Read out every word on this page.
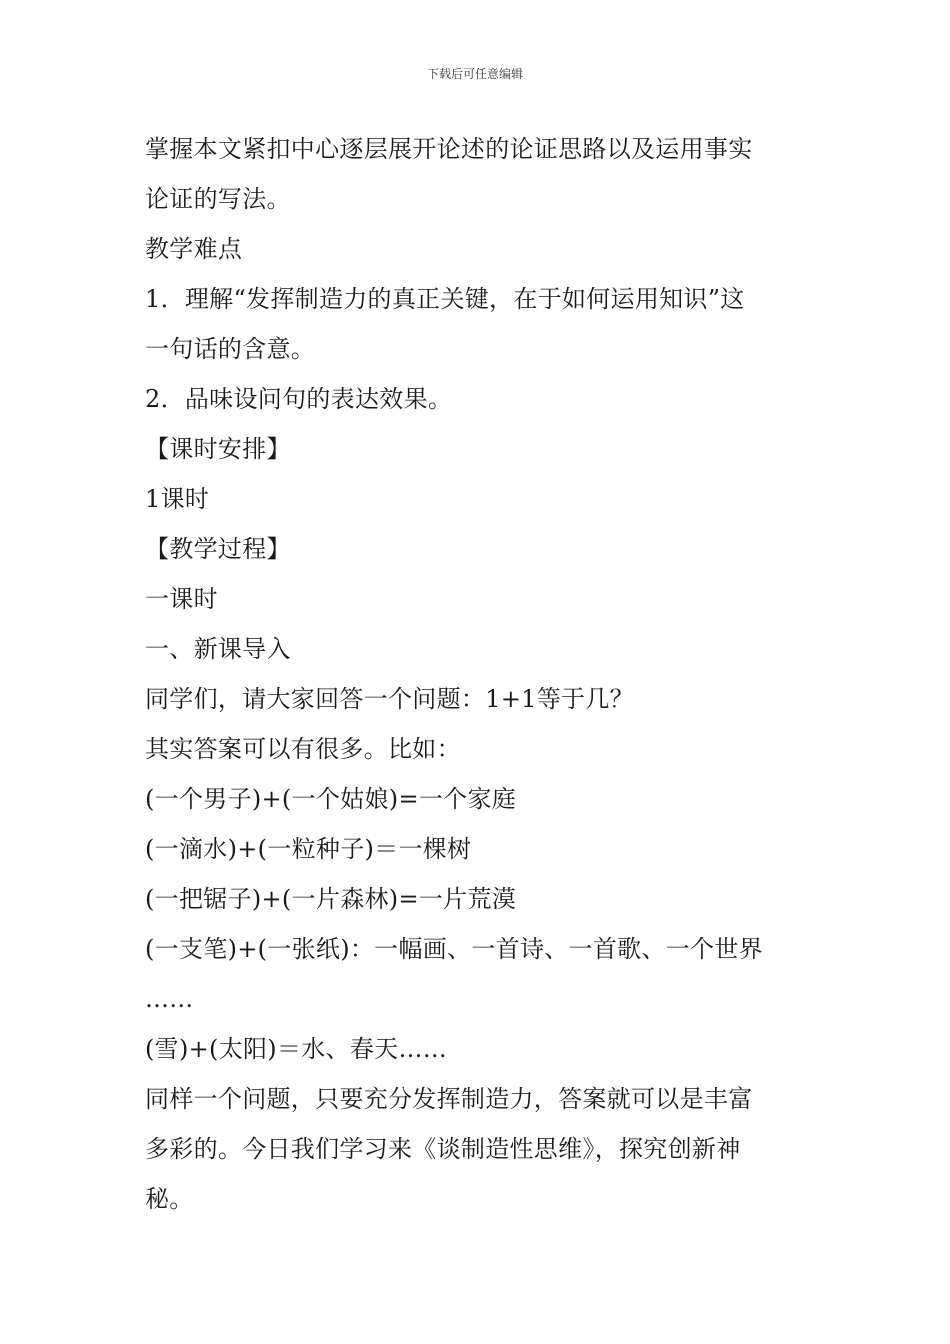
下载后可任意编辑
掌握本文紧扣中心逐层展开论述的论证思路以及运用事实
论证的写法。
教学难点
1．理解“发挥制造力的真正关键，在于如何运用知识”这
一句话的含意。
2．品味设问句的表达效果。
【课时安排】
1课时
【教学过程】
一课时
一、新课导入
同学们，请大家回答一个问题：1+1等于几？
其实答案可以有很多。比如：
(一个男子)+(一个姑娘)=一个家庭
(一滴水)+(一粒种子)＝一棵树
(一把锯子)+(一片森林)=一片荒漠
(一支笔)+(一张纸)：一幅画、一首诗、一首歌、一个世界
……
(雪)+(太阳)＝水、春天……
同样一个问题，只要充分发挥制造力，答案就可以是丰富
多彩的。今日我们学习来《谈制造性思维》，探究创新神
秘。
